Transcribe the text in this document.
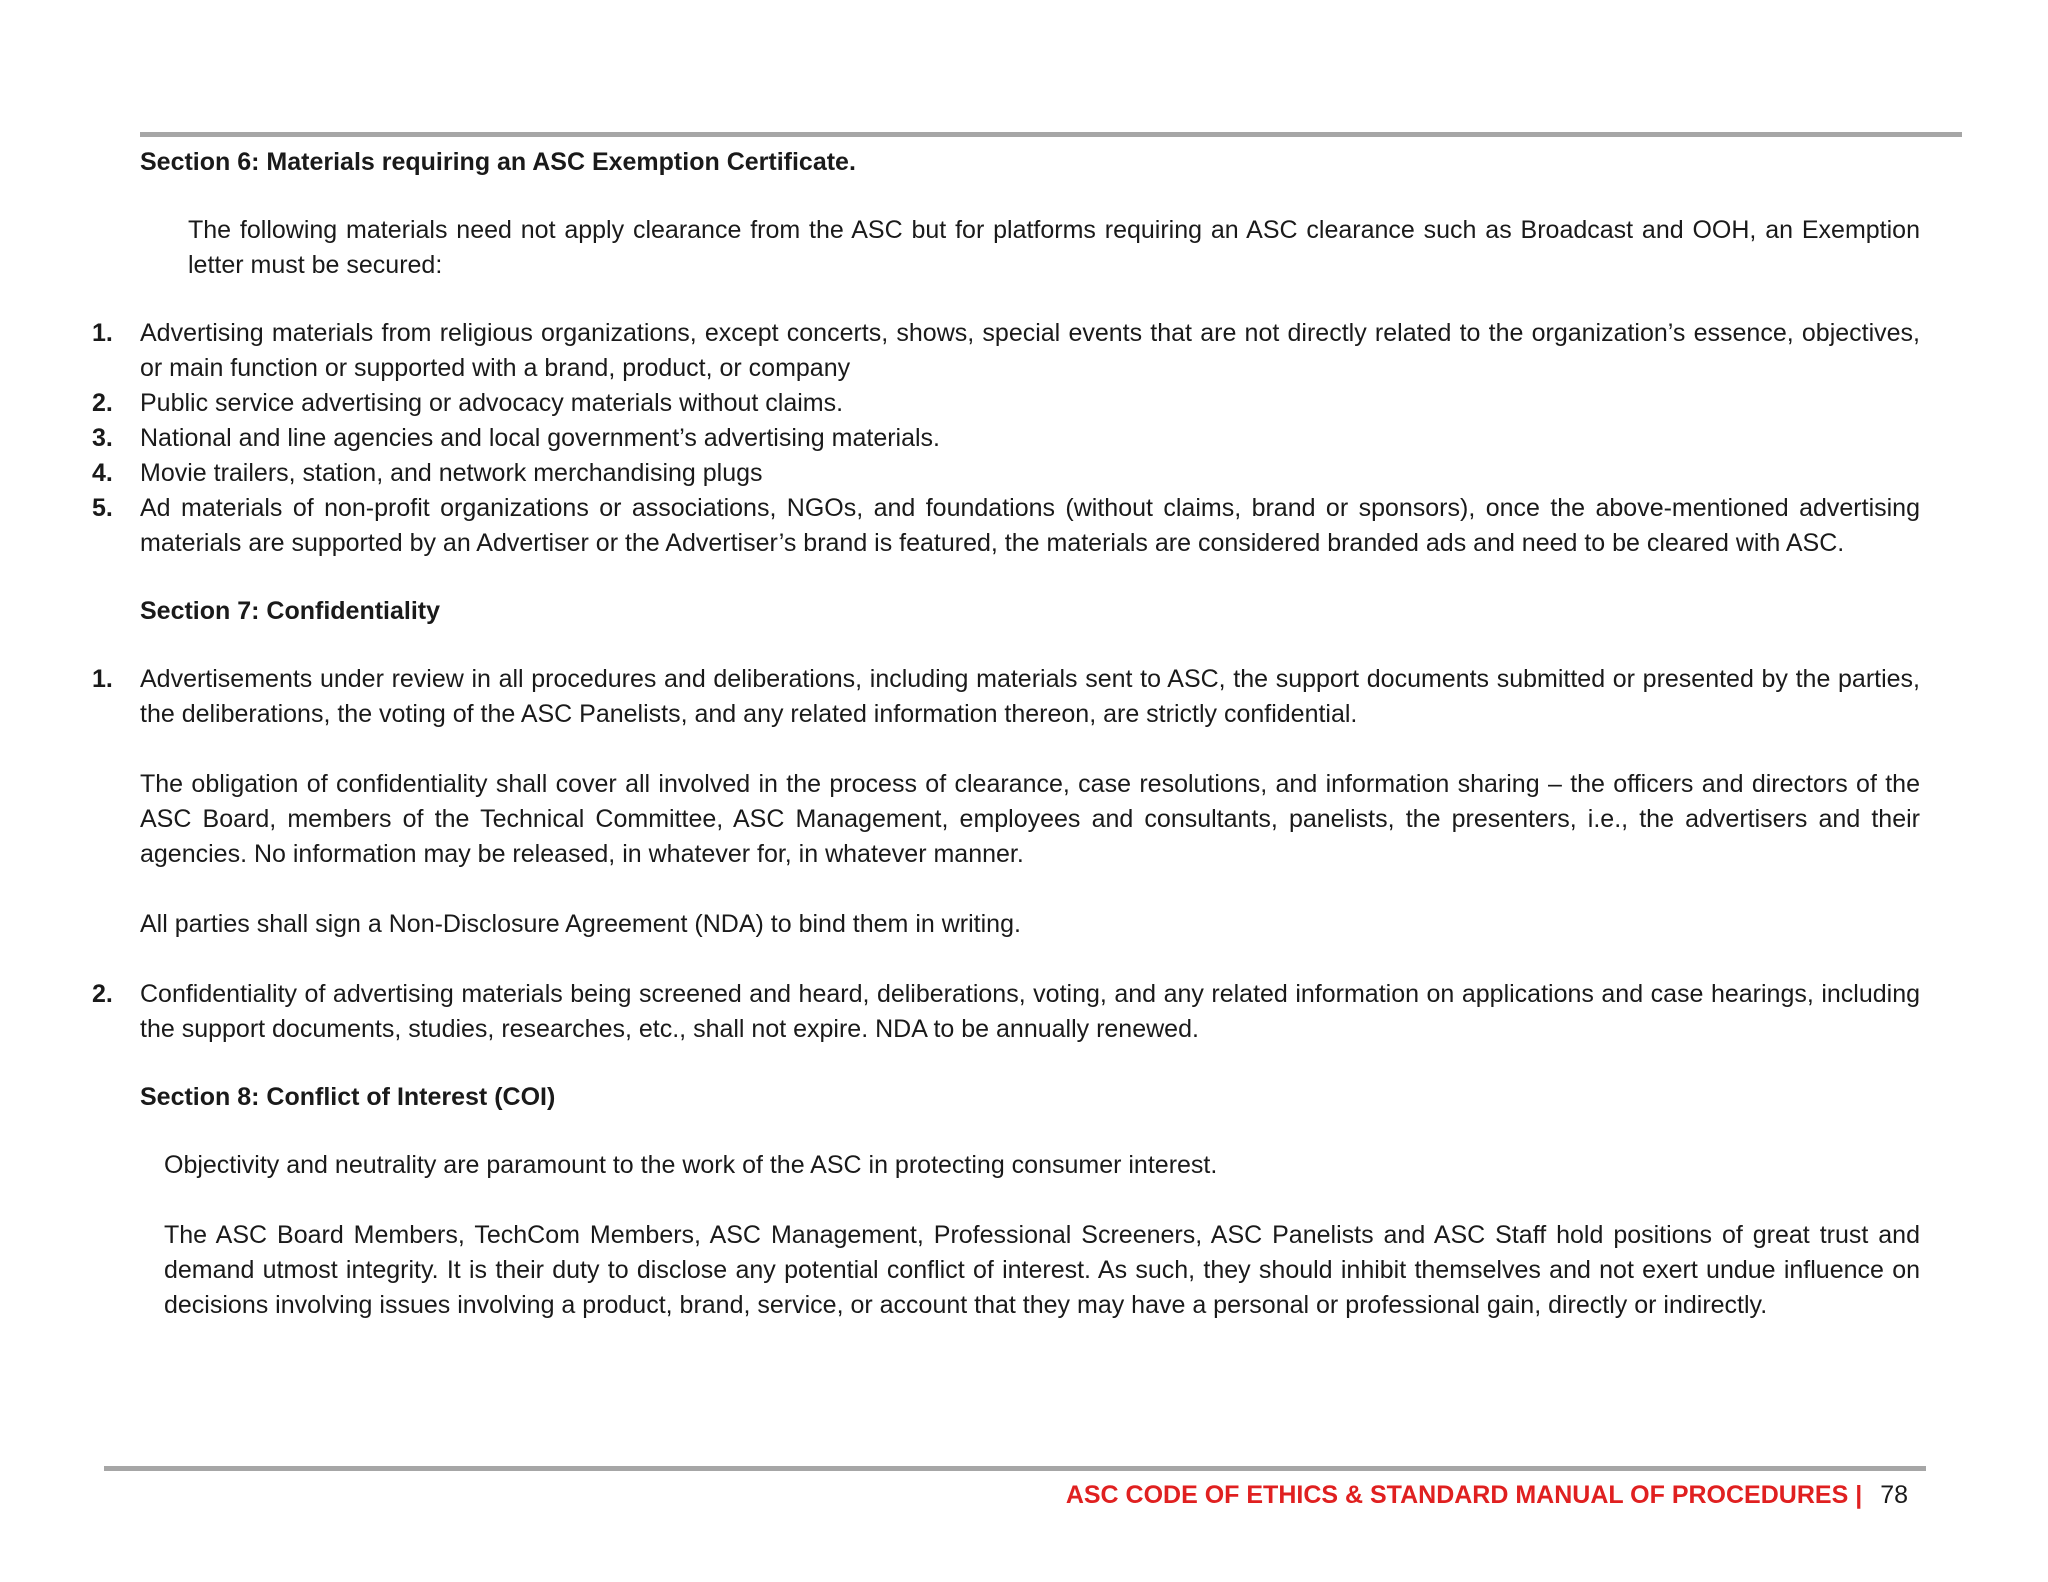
Section 6: Materials requiring an ASC Exemption Certificate.

The following materials need not apply clearance from the ASC but for platforms requiring an ASC clearance such as Broadcast and OOH, an Exemption letter must be secured:

1.	Advertising materials from religious organizations, except concerts, shows, special events that are not directly related to the organization’s essence, objectives, or main function or supported with a brand, product, or company
2.	Public service advertising or advocacy materials without claims.
3.	National and line agencies and local government’s advertising materials.
4.	Movie trailers, station, and network merchandising plugs
5.	Ad materials of non-profit organizations or associations, NGOs, and foundations (without claims, brand or sponsors), once the above-mentioned advertising materials are supported by an Advertiser or the Advertiser’s brand is featured, the materials are considered branded ads and need to be cleared with ASC.

Section 7: Confidentiality

1.	Advertisements under review in all procedures and deliberations, including materials sent to ASC, the support documents submitted or presented by the parties, the deliberations, the voting of the ASC Panelists, and any related information thereon, are strictly confidential.

The obligation of confidentiality shall cover all involved in the process of clearance, case resolutions, and information sharing – the officers and directors of the ASC Board, members of the Technical Committee, ASC Management, employees and consultants, panelists, the presenters, i.e., the advertisers and their agencies. No information may be released, in whatever for, in whatever manner.

All parties shall sign a Non-Disclosure Agreement (NDA) to bind them in writing.

2.	Confidentiality of advertising materials being screened and heard, deliberations, voting, and any related information on applications and case hearings, including the support documents, studies, researches, etc., shall not expire. NDA to be annually renewed.

Section 8: Conflict of Interest (COI)

Objectivity and neutrality are paramount to the work of the ASC in protecting consumer interest.

The ASC Board Members, TechCom Members, ASC Management, Professional Screeners, ASC Panelists and ASC Staff hold positions of great trust and demand utmost integrity. It is their duty to disclose any potential conflict of interest. As such, they should inhibit themselves and not exert undue influence on decisions involving issues involving a product, brand, service, or account that they may have a personal or professional gain, directly or indirectly.

ASC CODE OF ETHICS & STANDARD MANUAL OF PROCEDURES | 78
